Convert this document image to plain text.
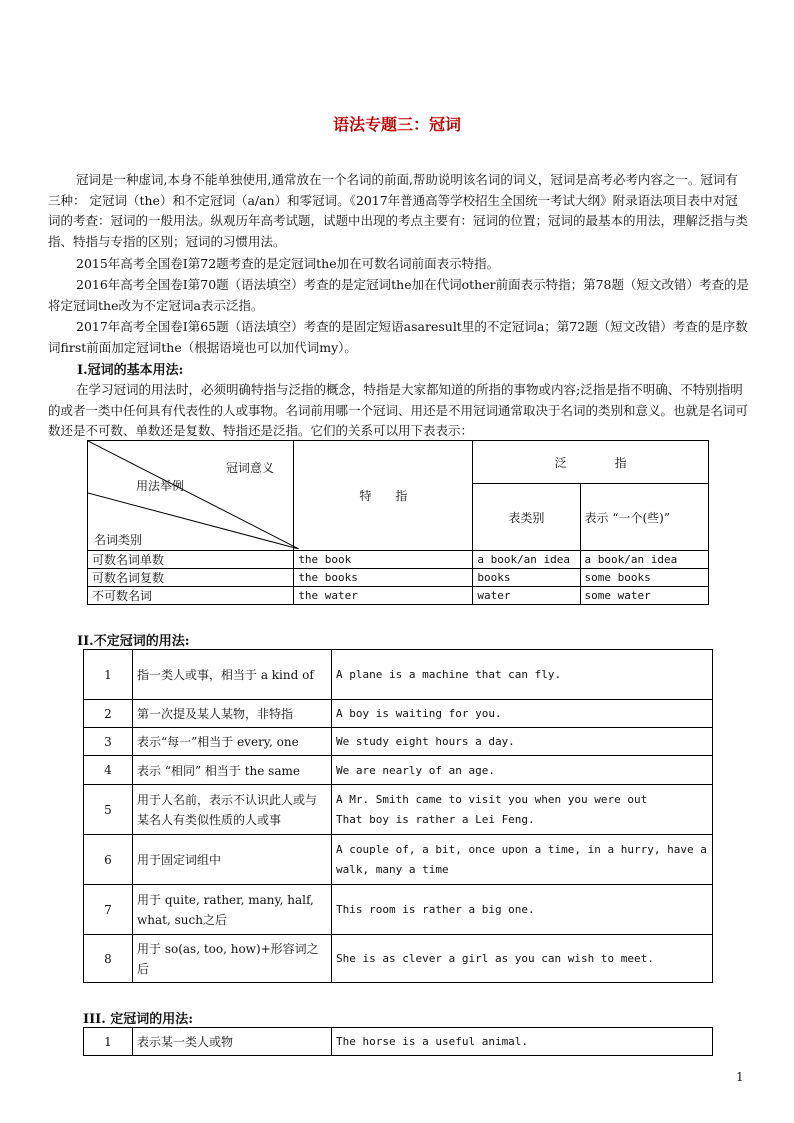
语法专题三：冠词
冠词是一种虚词,本身不能单独使用,通常放在一个名词的前面,帮助说明该名词的词义，冠词是高考必考内容之一。冠词有三种： 定冠词（the）和不定冠词（a/an）和零冠词。《2017年普通高等学校招生全国统一考试大纲》附录语法项目表中对冠词的考查：冠词的一般用法。纵观历年高考试题，试题中出现的考点主要有：冠词的位置；冠词的最基本的用法，理解泛指与类指、特指与专指的区别；冠词的习惯用法。
2015年高考全国卷Ⅰ第72题考查的是定冠词the加在可数名词前面表示特指。
2016年高考全国卷Ⅰ第70题（语法填空）考查的是定冠词the加在代词other前面表示特指；第78题（短文改错）考查的是将定冠词the改为不定冠词a表示泛指。
2017年高考全国卷Ⅰ第65题（语法填空）考查的是固定短语asaresult里的不定冠词a；第72题（短文改错）考查的是序数词first前面加定冠词the（根据语境也可以加代词my）。
I.冠词的基本用法:
在学习冠词的用法时，必须明确特指与泛指的概念，特指是大家都知道的所指的事物或内容;泛指是指不明确、不特别指明的或者一类中任何具有代表性的人或事物。名词前用哪一个冠词、用还是不用冠词通常取决于名词的类别和意义。也就是名词可数还是不可数、单数还是复数、特指还是泛指。它们的关系可以用下表表示：
冠词意义
用法举例
名词类别	特　　指	泛　　　　指	
		表类别	表示 “一个(些)”
可数名词单数	the book	a book/an idea	a book/an idea
可数名词复数	the books	books	some books
不可数名词	the water	water	some water
II.不定冠词的用法:
1	指一类人或事，相当于 a kind of	A plane is a machine that can fly.
2	第一次提及某人某物，非特指	A boy is waiting for you.
3	表示“每一”相当于 every, one	We study eight hours a day.
4	表示 “相同” 相当于 the same	We are nearly of an age.
5	用于人名前，表示不认识此人或与某名人有类似性质的人或事	A Mr. Smith came to visit you when you were out
That boy is rather a Lei Feng.
6	用于固定词组中	A couple of, a bit, once upon a time, in a hurry, have a walk, many a time
7	用于 quite, rather, many, half, what, such之后	This room is rather a big one.
8	用于 so(as, too, how)+形容词之后	She is as clever a girl as you can wish to meet.
III. 定冠词的用法:
1	表示某一类人或物	The horse is a useful animal.
1
